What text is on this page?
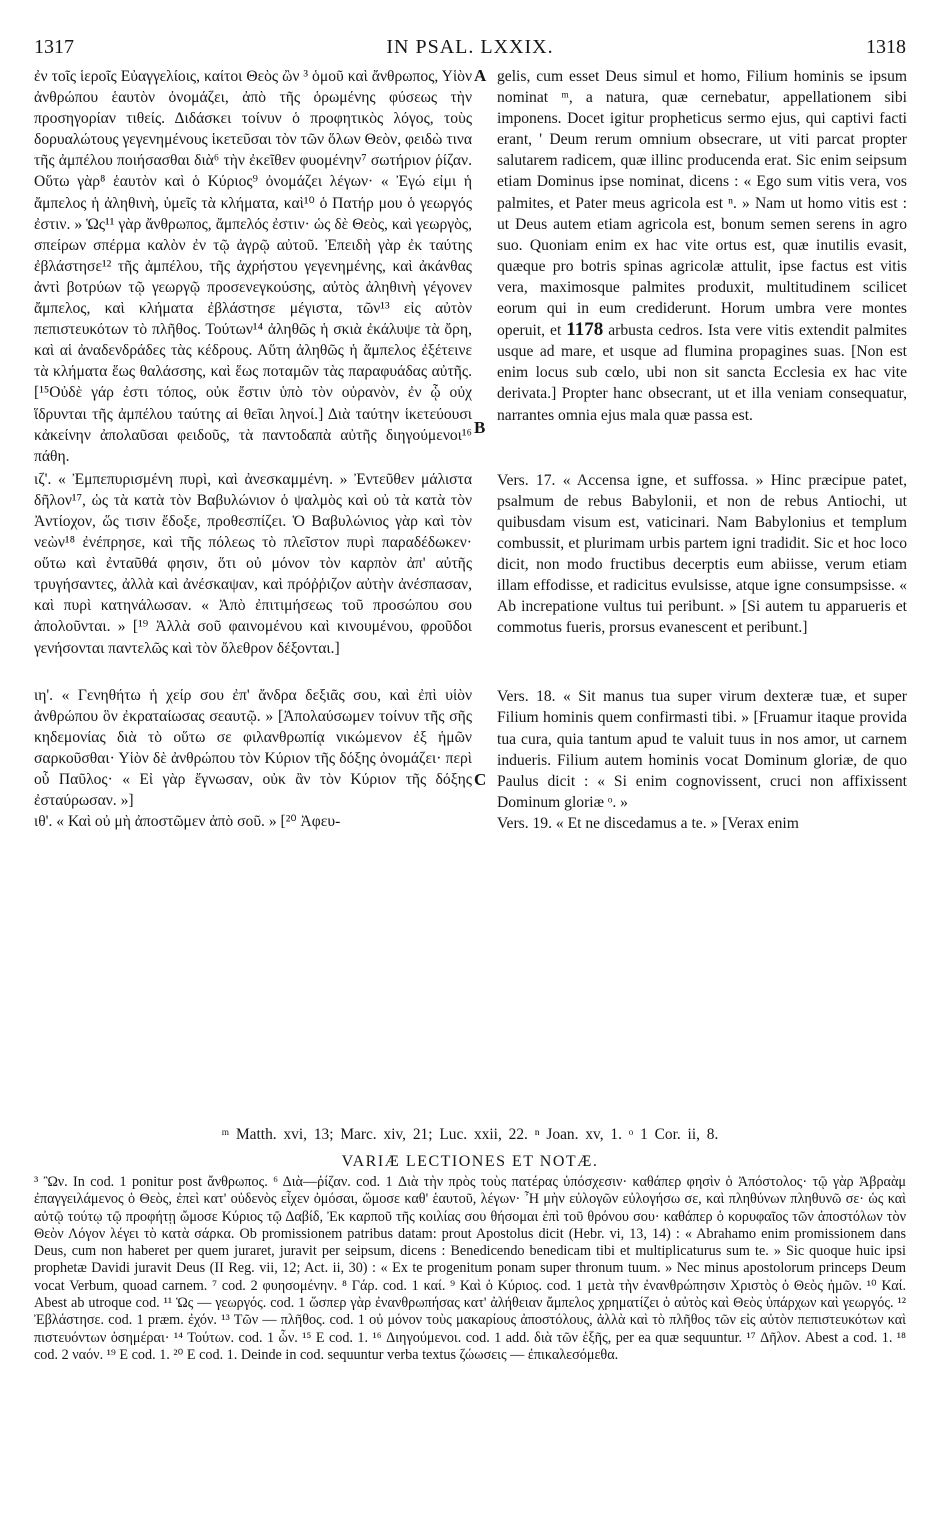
1317	IN PSAL. LXXIX.	1318
A
B
C

ἐν τοῖς ἱεροῖς Εὐαγγελίοις, καίτοι Θεὸς ὢν ³ ὁμοῦ καὶ ἄνθρωπος, Υἱὸν ἀνθρώπου ἑαυτὸν ὀνομάζει, ἀπὸ τῆς ὁρωμένης φύσεως τὴν προσηγορίαν τιθείς. Διδάσκει τοίνυν ὁ προφητικὸς λόγος, τοὺς δορυαλώτους γεγενημένους ἱκετεῦσαι τὸν τῶν ὅλων Θεὸν, φειδὼ τινα τῆς ἀμπέλου ποιήσασθαι διὰ⁶ τὴν ἐκεῖθεν φυομένην⁷ σωτήριον ῥίζαν. Οὕτω γὰρ⁸ ἑαυτὸν καὶ ὁ Κύριος⁹ ὀνομάζει λέγων· « Ἐγώ εἰμι ἡ ἄμπελος ἡ ἀληθινὴ, ὑμεῖς τὰ κλήματα, καὶ¹⁰ ὁ Πατήρ μου ὁ γεωργός ἐστιν. » Ὡς¹¹ γὰρ ἄνθρωπος, ἄμπελός ἐστιν· ὡς δὲ Θεὸς, καὶ γεωργὸς, σπείρων σπέρμα καλὸν ἐν τῷ ἀγρῷ αὐτοῦ. Ἐπειδὴ γὰρ ἐκ ταύτης ἐβλάστησε¹² τῆς ἀμπέλου, τῆς ἀχρήστου γεγενημένης, καὶ ἀκάνθας ἀντὶ βοτρύων τῷ γεωργῷ προσενεγκούσης, αὐτὸς ἀληθινὴ γέγονεν ἄμπελος, καὶ κλήματα ἐβλάστησε μέγιστα, τῶν¹³ εἰς αὐτὸν πεπιστευκότων τὸ πλῆθος. Τούτων¹⁴ ἀληθῶς ἡ σκιὰ ἐκάλυψε τὰ ὄρη, καὶ αἱ ἀναδενδράδες τὰς κέδρους. Αὕτη ἀληθῶς ἡ ἄμπελος ἐξέτεινε τὰ κλήματα ἕως θαλάσσης, καὶ ἕως ποταμῶν τὰς παραφυάδας αὐτῆς. [¹⁵Οὐδὲ γάρ ἐστι τόπος, οὐκ ἔστιν ὑπὸ τὸν οὐρανὸν, ἐν ᾧ οὐχ ἵδρυνται τῆς ἀμπέλου ταύτης αἱ θεῖαι ληνοί.] Διὰ ταύτην ἱκετεύουσι κἀκείνην ἀπολαῦσαι φειδοῦς, τὰ παντοδαπὰ αὐτῆς διηγούμενοι¹⁶ πάθη.

ιζ'. « Ἐμπεπυρισμένη πυρὶ, καὶ ἀνεσκαμμένη. » Ἐντεῦθεν μάλιστα δῆλον¹⁷, ὡς τὰ κατὰ τὸν Βαβυλώνιον ὁ ψαλμὸς καὶ οὐ τὰ κατὰ τὸν Ἀντίοχον, ὥς τισιν ἔδοξε, προθεσπίζει. Ὁ Βαβυλώνιος γὰρ καὶ τὸν νεὼν¹⁸ ἐνέπρησε, καὶ τῆς πόλεως τὸ πλεῖστον πυρὶ παραδέδωκεν· οὕτω καὶ ἐνταῦθά φησιν, ὅτι οὐ μόνον τὸν καρπὸν ἀπ' αὐτῆς τρυγήσαντες, ἀλλὰ καὶ ἀνέσκαψαν, καὶ πρόῤῥιζον αὐτὴν ἀνέσπασαν, καὶ πυρὶ κατηνάλωσαν. « Ἀπὸ ἐπιτιμήσεως τοῦ προσώπου σου ἀπολοῦνται. » [¹⁹ Ἀλλὰ σοῦ φαινομένου καὶ κινουμένου, φροῦδοι γενήσονται παντελῶς καὶ τὸν ὄλεθρον δέξονται.]

ιη'. « Γενηθήτω ἡ χείρ σου ἐπ' ἄνδρα δεξιᾶς σου, καὶ ἐπὶ υἱὸν ἀνθρώπου ὃν ἐκραταίωσας σεαυτῷ. » [Ἀπολαύσωμεν τοίνυν τῆς σῆς κηδεμονίας διὰ τὸ οὕτω σε φιλανθρωπίᾳ νικώμενον ἐξ ἡμῶν σαρκοῦσθαι· Υἱὸν δὲ ἀνθρώπου τὸν Κύριον τῆς δόξης ὀνομάζει· περὶ οὗ Παῦλος· « Εἰ γὰρ ἔγνωσαν, οὐκ ἂν τὸν Κύριον τῆς δόξης ἐσταύρωσαν. »]

ιθ'. « Καὶ οὐ μὴ ἀποστῶμεν ἀπὸ σοῦ. » [²⁰ Ἀφευ-

gelis, cum esset Deus simul et homo, Filium hominis se ipsum nominat ᵐ, a natura, quæ cernebatur, appellationem sibi imponens. Docet igitur propheticus sermo ejus, qui captivi facti erant, ' Deum rerum omnium obsecrare, ut viti parcat propter salutarem radicem, quæ illinc producenda erat. Sic enim seipsum etiam Dominus ipse nominat, dicens : « Ego sum vitis vera, vos palmites, et Pater meus agricola est ⁿ. » Nam ut homo vitis est : ut Deus autem etiam agricola est, bonum semen serens in agro suo. Quoniam enim ex hac vite ortus est, quæ inutilis evasit, quæque pro botris spinas agricolæ attulit, ipse factus est vitis vera, maximosque palmites produxit, multitudinem scilicet eorum qui in eum crediderunt. Horum umbra vere montes operuit, et 1178 arbusta cedros. Ista vere vitis extendit palmites usque ad mare, et usque ad flumina propagines suas. [Non est enim locus sub cœlo, ubi non sit sancta Ecclesia ex hac vite derivata.] Propter hanc obsecrant, ut et illa veniam consequatur, narrantes omnia ejus mala quæ passa est.

Vers. 17. « Accensa igne, et suffossa. » Hinc præcipue patet, psalmum de rebus Babylonii, et non de rebus Antiochi, ut quibusdam visum est, vaticinari. Nam Babylonius et templum combussit, et plurimam urbis partem igni tradidit. Sic et hoc loco dicit, non modo fructibus decerptis eum abiisse, verum etiam illam effodisse, et radicitus evulsisse, atque igne consumpsisse. « Ab increpatione vultus tui peribunt. » [Si autem tu apparueris et commotus fueris, prorsus evanescent et peribunt.]

Vers. 18. « Sit manus tua super virum dexteræ tuæ, et super Filium hominis quem confirmasti tibi. » [Fruamur itaque provida tua cura, quia tantum apud te valuit tuus in nos amor, ut carnem indueris. Filium autem hominis vocat Dominum gloriæ, de quo Paulus dicit : « Si enim cognovissent, cruci non affixissent Dominum gloriæ ᵒ. »

Vers. 19. « Et ne discedamus a te. » [Verax enim

ᵐ Matth. xvi, 13; Marc. xiv, 21; Luc. xxii, 22. ⁿ Joan. xv, 1. ᵒ 1 Cor. ii, 8.
VARIÆ LECTIONES ET NOTÆ.

³ Ὢν. In cod. 1 ponitur post ἄνθρωπος. ⁶ Διὰ—ῥίζαν. cod. 1 Διὰ τὴν πρὸς τοὺς πατέρας ὑπόσχεσιν· καθάπερ φησὶν ὁ Ἀπόστολος· τῷ γὰρ Ἀβραὰμ ἐπαγγειλάμενος ὁ Θεὸς, ἐπεὶ κατ' οὐδενὸς εἶχεν ὀμόσαι, ὤμοσε καθ' ἑαυτοῦ, λέγων· Ἦ μὴν εὐλογῶν εὐλογήσω σε, καὶ πληθύνων πληθυνῶ σε· ὡς καὶ αὐτῷ τούτῳ τῷ προφήτῃ ὤμοσε Κύριος τῷ Δαβίδ, Ἐκ καρποῦ τῆς κοιλίας σου θήσομαι ἐπὶ τοῦ θρόνου σου· καθάπερ ὁ κορυφαῖος τῶν ἀποστόλων τὸν Θεὸν Λόγον λέγει τὸ κατὰ σάρκα. Ob promissionem patribus datam: prout Apostolus dicit (Hebr. vi, 13, 14) : « Abrahamo enim promissionem dans Deus, cum non haberet per quem juraret, juravit per seipsum, dicens : Benedicendo benedicam tibi et multiplicaturus sum te. » Sic quoque huic ipsi prophetæ Davidi juravit Deus (II Reg. vii, 12; Act. ii, 30) : « Ex te progenitum ponam super thronum tuum. » Nec minus apostolorum princeps Deum vocat Verbum, quoad carnem. ⁷ cod. 2 φυησομένην. ⁸ Γάρ. cod. 1 καί. ⁹ Καὶ ὁ Κύριος. cod. 1 μετὰ τὴν ἐνανθρώπησιν Χριστὸς ὁ Θεὸς ἡμῶν. ¹⁰ Καί. Abest ab utroque cod. ¹¹ Ὡς — γεωργός. cod. 1 ὥσπερ γὰρ ἐνανθρωπήσας κατ' ἀλήθειαν ἄμπελος χρηματίζει ὁ αὐτὸς καὶ Θεὸς ὑπάρχων καὶ γεωργός. ¹² Ἐβλάστησε. cod. 1 præm. ἐχόν. ¹³ Τῶν — πλῆθος. cod. 1 οὐ μόνον τοὺς μακαρίους ἀποστόλους, ἀλλὰ καὶ τὸ πλῆθος τῶν εἰς αὐτὸν πεπιστευκότων καὶ πιστευόντων ὀσημέραι· ¹⁴ Τούτων. cod. 1 ὧν. ¹⁵ E cod. 1. ¹⁶ Διηγούμενοι. cod. 1 add. διὰ τῶν ἑξῆς, per ea quæ sequuntur. ¹⁷ Δῆλον. Abest a cod. 1. ¹⁸ cod. 2 ναόν. ¹⁹ E cod. 1. ²⁰ E cod. 1. Deinde in cod. sequuntur verba textus ζώωσεις — ἐπικαλεσόμεθα.
